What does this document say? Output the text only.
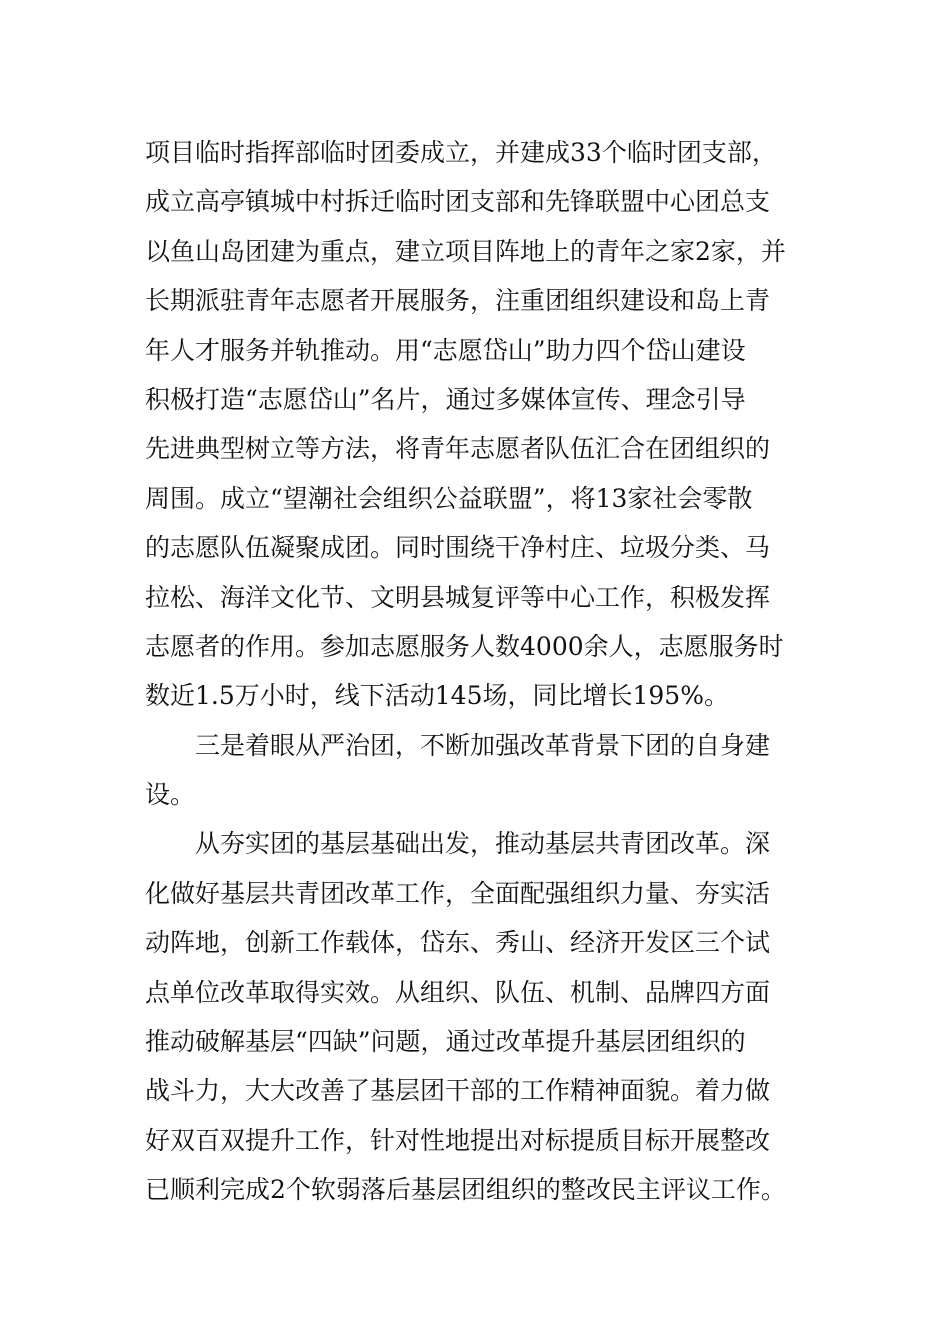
项目临时指挥部临时团委成立，并建成33个临时团支部，
成立高亭镇城中村拆迁临时团支部和先锋联盟中心团总支
以鱼山岛团建为重点，建立项目阵地上的青年之家2家，并
长期派驻青年志愿者开展服务，注重团组织建设和岛上青
年人才服务并轨推动。用“志愿岱山”助力四个岱山建设
积极打造“志愿岱山”名片，通过多媒体宣传、理念引导
先进典型树立等方法，将青年志愿者队伍汇合在团组织的
周围。成立“望潮社会组织公益联盟”，将13家社会零散
的志愿队伍凝聚成团。同时围绕干净村庄、垃圾分类、马
拉松、海洋文化节、文明县城复评等中心工作，积极发挥
志愿者的作用。参加志愿服务人数4000余人，志愿服务时
数近1.5万小时，线下活动145场，同比增长195%。
三是着眼从严治团，不断加强改革背景下团的自身建
设。
从夯实团的基层基础出发，推动基层共青团改革。深
化做好基层共青团改革工作，全面配强组织力量、夯实活
动阵地，创新工作载体，岱东、秀山、经济开发区三个试
点单位改革取得实效。从组织、队伍、机制、品牌四方面
推动破解基层“四缺”问题，通过改革提升基层团组织的
战斗力，大大改善了基层团干部的工作精神面貌。着力做
好双百双提升工作，针对性地提出对标提质目标开展整改
已顺利完成2个软弱落后基层团组织的整改民主评议工作。
